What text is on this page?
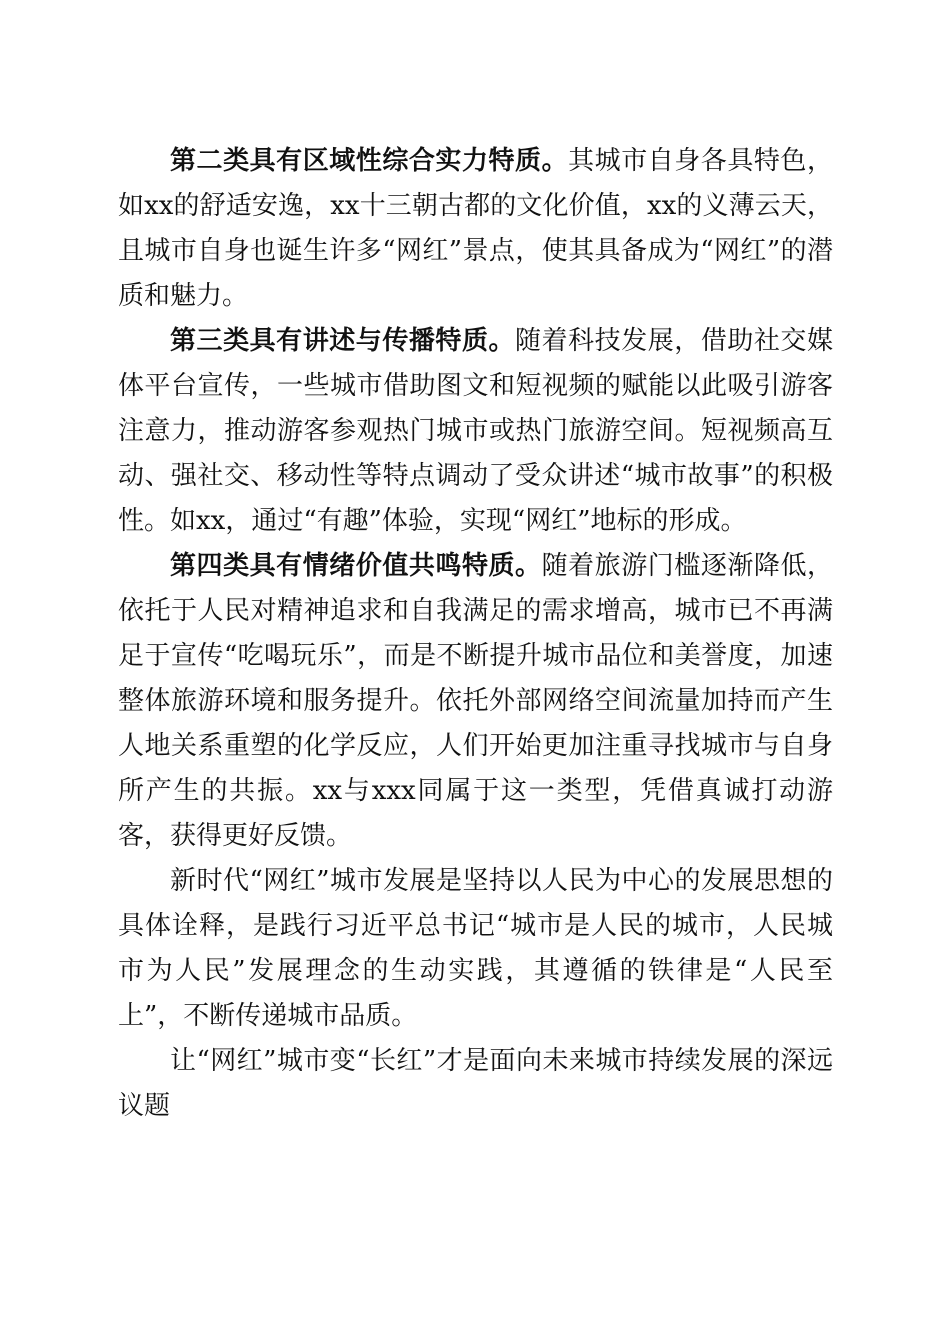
第二类具有区域性综合实力特质。其城市自身各具特色，如xx的舒适安逸，xx十三朝古都的文化价值，xx的义薄云天，且城市自身也诞生许多“网红”景点，使其具备成为“网红”的潜质和魅力。

第三类具有讲述与传播特质。随着科技发展，借助社交媒体平台宣传，一些城市借助图文和短视频的赋能以此吸引游客注意力，推动游客参观热门城市或热门旅游空间。短视频高互动、强社交、移动性等特点调动了受众讲述“城市故事”的积极性。如xx，通过“有趣”体验，实现“网红”地标的形成。

第四类具有情绪价值共鸣特质。随着旅游门槛逐渐降低，依托于人民对精神追求和自我满足的需求增高，城市已不再满足于宣传“吃喝玩乐”，而是不断提升城市品位和美誉度，加速整体旅游环境和服务提升。依托外部网络空间流量加持而产生人地关系重塑的化学反应，人们开始更加注重寻找城市与自身所产生的共振。xx与xxx同属于这一类型，凭借真诚打动游客，获得更好反馈。

新时代“网红”城市发展是坚持以人民为中心的发展思想的具体诠释，是践行习近平总书记“城市是人民的城市，人民城市为人民”发展理念的生动实践，其遵循的铁律是“人民至上”，不断传递城市品质。

让“网红”城市变“长红”才是面向未来城市持续发展的深远议题
